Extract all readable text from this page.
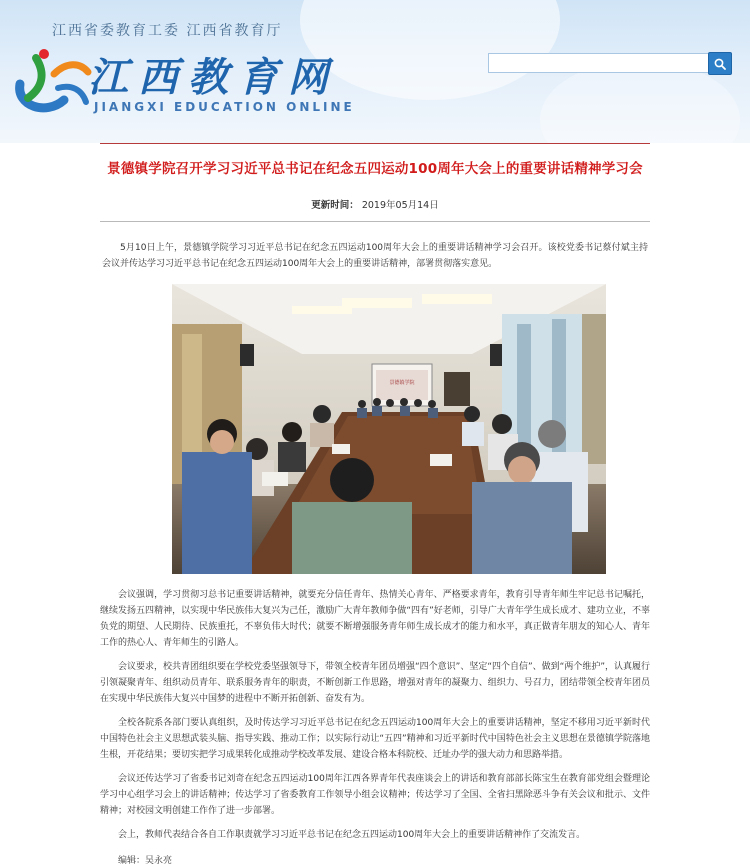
江西省委教育工委 江西省教育厅
江西教育网
JIANGXI EDUCATION ONLINE
景德镇学院召开学习习近平总书记在纪念五四运动100周年大会上的重要讲话精神学习会
更新时间： 2019年05月14日

5月10日上午，景德镇学院学习习近平总书记在纪念五四运动100周年大会上的重要讲话精神学习会召开。该校党委书记蔡付斌主持会议并传达学习习近平总书记在纪念五四运动100周年大会上的重要讲话精神，部署贯彻落实意见。

景德镇学院

会议强调，学习贯彻习总书记重要讲话精神，就要充分信任青年、热情关心青年、严格要求青年，教育引导青年师生牢记总书记嘱托，继续发扬五四精神，以实现中华民族伟大复兴为己任，激励广大青年教师争做“四有”好老师，引导广大青年学生成长成才、建功立业，不辜负党的期望、人民期待、民族重托，不辜负伟大时代；就要不断增强服务青年师生成长成才的能力和水平，真正做青年朋友的知心人、青年工作的热心人、青年师生的引路人。

会议要求，校共青团组织要在学校党委坚强领导下，带领全校青年团员增强“四个意识”、坚定“四个自信”、做到“两个维护”，认真履行引领凝聚青年、组织动员青年、联系服务青年的职责，不断创新工作思路，增强对青年的凝聚力、组织力、号召力，团结带领全校青年团员在实现中华民族伟大复兴中国梦的进程中不断开拓创新、奋发有为。

全校各院系各部门要认真组织，及时传达学习习近平总书记在纪念五四运动100周年大会上的重要讲话精神，坚定不移用习近平新时代中国特色社会主义思想武装头脑、指导实践、推动工作；以实际行动让“五四”精神和习近平新时代中国特色社会主义思想在景德镇学院落地生根，开花结果；要切实把学习成果转化成推动学校改革发展、建设合格本科院校、迁址办学的强大动力和思路举措。

会议还传达学习了省委书记刘奇在纪念五四运动100周年江西各界青年代表座谈会上的讲话和教育部部长陈宝生在教育部党组会暨理论学习中心组学习会上的讲话精神；传达学习了省委教育工作领导小组会议精神；传达学习了全国、全省扫黑除恶斗争有关会议和批示、文件精神；对校园文明创建工作作了进一步部署。

会上，教师代表结合各自工作职责就学习习近平总书记在纪念五四运动100周年大会上的重要讲话精神作了交流发言。

编辑：吴永亮
